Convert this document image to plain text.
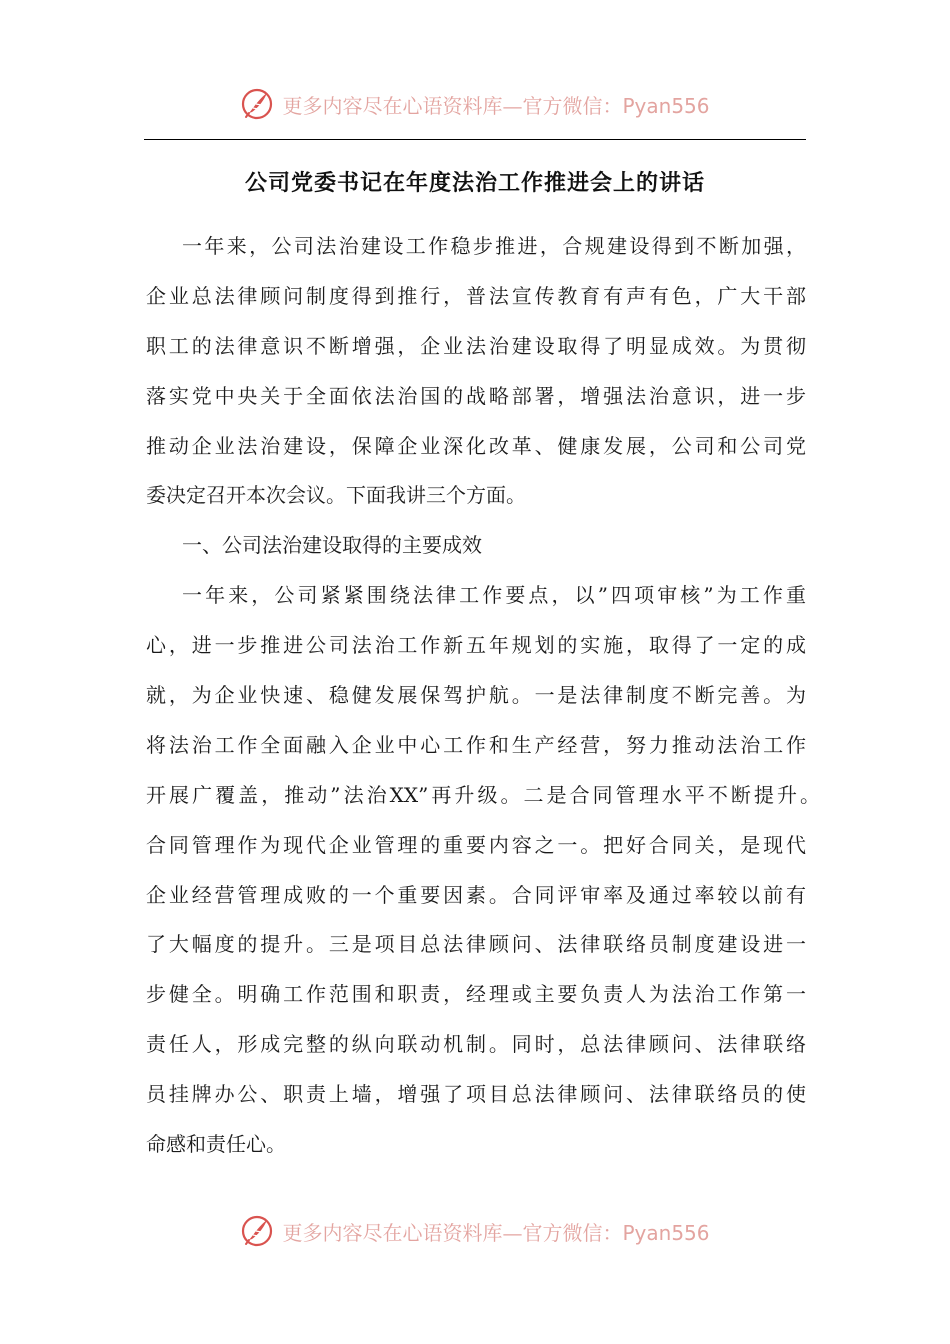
更多内容尽在心语资料库—官方微信：Pyan556
公司党委书记在年度法治工作推进会上的讲话
一年来，公司法治建设工作稳步推进，合规建设得到不断加强，
企业总法律顾问制度得到推行，普法宣传教育有声有色，广大干部
职工的法律意识不断增强，企业法治建设取得了明显成效。为贯彻
落实党中央关于全面依法治国的战略部署，增强法治意识，进一步
推动企业法治建设，保障企业深化改革、健康发展，公司和公司党
委决定召开本次会议。下面我讲三个方面。
一、公司法治建设取得的主要成效
一年来，公司紧紧围绕法律工作要点，以”四项审核”为工作重
心，进一步推进公司法治工作新五年规划的实施，取得了一定的成
就，为企业快速、稳健发展保驾护航。一是法律制度不断完善。为
将法治工作全面融入企业中心工作和生产经营，努力推动法治工作
开展广覆盖，推动”法治XX”再升级。二是合同管理水平不断提升。
合同管理作为现代企业管理的重要内容之一。把好合同关，是现代
企业经营管理成败的一个重要因素。合同评审率及通过率较以前有
了大幅度的提升。三是项目总法律顾问、法律联络员制度建设进一
步健全。明确工作范围和职责，经理或主要负责人为法治工作第一
责任人，形成完整的纵向联动机制。同时，总法律顾问、法律联络
员挂牌办公、职责上墙，增强了项目总法律顾问、法律联络员的使
命感和责任心。
更多内容尽在心语资料库—官方微信：Pyan556
